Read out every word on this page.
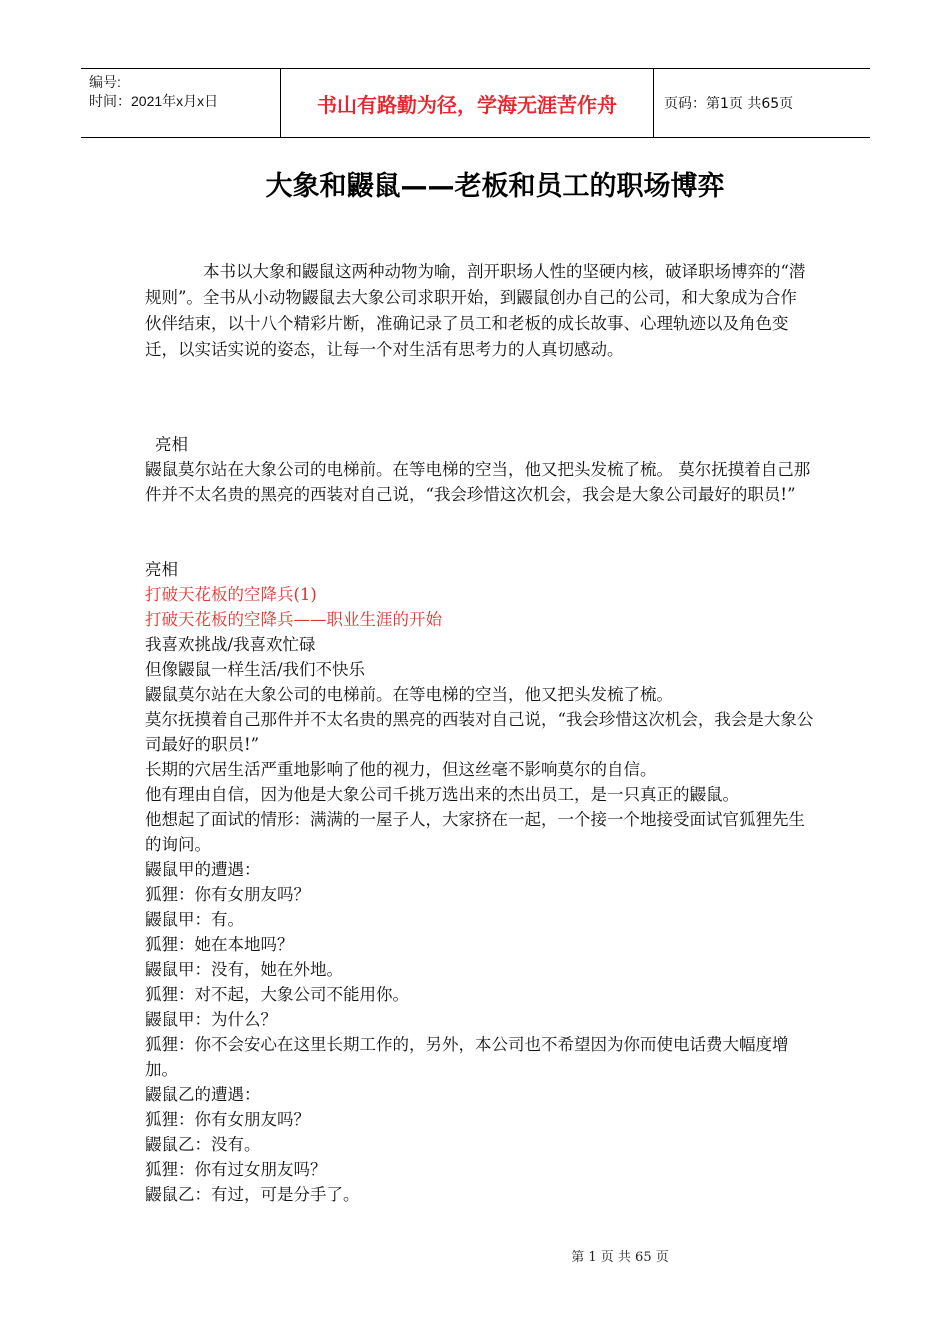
编号:
时间：2021年x月x日	书山有路勤为径，学海无涯苦作舟	页码：第1页 共65页
大象和鼹鼠——老板和员工的职场博弈

本书以大象和鼹鼠这两种动物为喻，剖开职场人性的坚硬内核，破译职场博弈的“潜规则”。全书从小动物鼹鼠去大象公司求职开始，到鼹鼠创办自己的公司，和大象成为合作伙伴结束，以十八个精彩片断，准确记录了员工和老板的成长故事、心理轨迹以及角色变迁，以实话实说的姿态，让每一个对生活有思考力的人真切感动。

亮相

鼹鼠莫尔站在大象公司的电梯前。在等电梯的空当，他又把头发梳了梳。 莫尔抚摸着自己那件并不太名贵的黑亮的西装对自己说，“我会珍惜这次机会，我会是大象公司最好的职员!”

亮相

打破天花板的空降兵(1)

打破天花板的空降兵——职业生涯的开始

我喜欢挑战/我喜欢忙碌

但像鼹鼠一样生活/我们不快乐

鼹鼠莫尔站在大象公司的电梯前。在等电梯的空当，他又把头发梳了梳。

莫尔抚摸着自己那件并不太名贵的黑亮的西装对自己说，“我会珍惜这次机会，我会是大象公司最好的职员!”

长期的穴居生活严重地影响了他的视力，但这丝毫不影响莫尔的自信。

他有理由自信，因为他是大象公司千挑万选出来的杰出员工，是一只真正的鼹鼠。

他想起了面试的情形：满满的一屋子人，大家挤在一起，一个接一个地接受面试官狐狸先生的询问。

鼹鼠甲的遭遇：

狐狸：你有女朋友吗？

鼹鼠甲：有。

狐狸：她在本地吗？

鼹鼠甲：没有，她在外地。

狐狸：对不起，大象公司不能用你。

鼹鼠甲：为什么？

狐狸：你不会安心在这里长期工作的，另外，本公司也不希望因为你而使电话费大幅度增加。

鼹鼠乙的遭遇：

狐狸：你有女朋友吗？

鼹鼠乙：没有。

狐狸：你有过女朋友吗？

鼹鼠乙：有过，可是分手了。

第 1 页 共 65 页
